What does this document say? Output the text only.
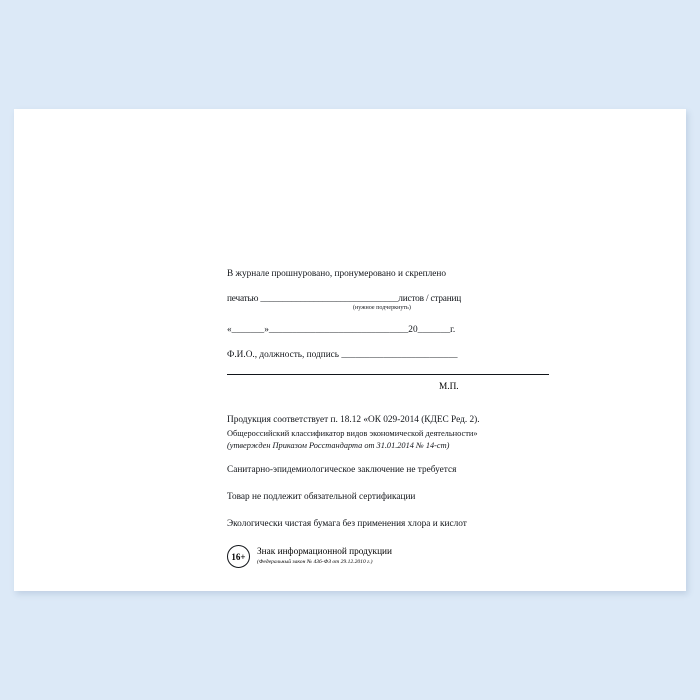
В журнале прошнуровано, пронумеровано и скреплено
печатью _______________________________листов / страниц
(нужное подчеркнуть)
«_______»______________________________20_______г.
Ф.И.О., должность, подпись _________________________
М.П.
Продукция соответствует п. 18.12 «ОК 029-2014 (КДЕС Ред. 2).
Общероссийский классификатор видов экономической деятельности»
(утвержден Приказом Росстандарта от 31.01.2014 № 14-ст)
Санитарно-эпидемиологическое заключение не требуется
Товар не подлежит обязательной сертификации
Экологически чистая бумага без применения хлора и кислот
16+	Знак информационной продукции
(Федеральный закон № 436-ФЗ от 29.12.2010 г.)
